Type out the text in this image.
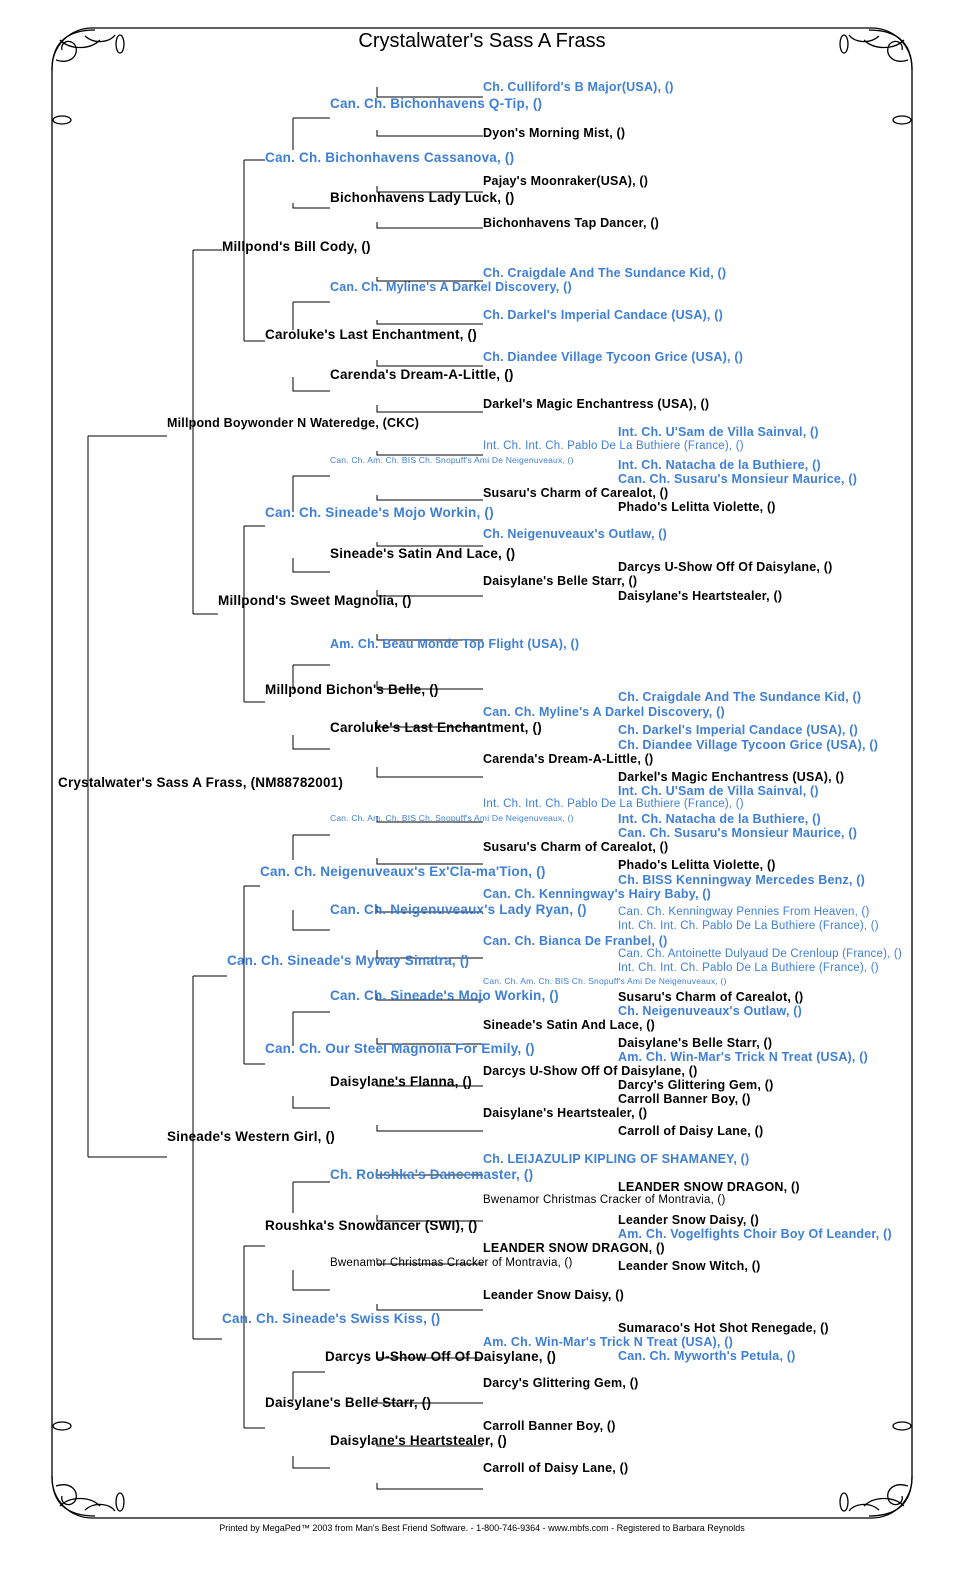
Crystalwater's Sass A Frass
Ch. Culliford's B Major(USA), ()
Can. Ch. Bichonhavens Q-Tip, ()
Dyon's Morning Mist, ()
Can. Ch. Bichonhavens Cassanova, ()
Pajay's Moonraker(USA), ()
Bichonhavens Lady Luck, ()
Bichonhavens Tap Dancer, ()
Millpond's Bill Cody, ()
Ch. Craigdale And The Sundance Kid, ()
Can. Ch. Myline's A Darkel Discovery, ()
Ch. Darkel's Imperial Candace (USA), ()
Caroluke's Last Enchantment, ()
Ch. Diandee Village Tycoon Grice (USA), ()
Carenda's Dream-A-Little, ()
Darkel's Magic Enchantress (USA), ()
Millpond Boywonder N Wateredge, (CKC)
Int. Ch. U'Sam de Villa Sainval, ()
Int. Ch. Int. Ch. Pablo De La Buthiere (France), ()
Can. Ch. Am. Ch. BIS Ch. Snopuff's Ami De Neigenuveaux, ()	Int. Ch. Natacha de la Buthiere, ()
Can. Ch. Susaru's Monsieur Maurice, ()
Susaru's Charm of Carealot, ()
Phado's Lelitta Violette, ()
Can. Ch. Sineade's Mojo Workin, ()
Ch. Neigenuveaux's Outlaw, ()
Sineade's Satin And Lace, ()
Darcys U-Show Off Of Daisylane, ()
Daisylane's Belle Starr, ()
Millpond's Sweet Magnolia, ()	Daisylane's Heartstealer, ()
Am. Ch. Beau Monde Top Flight (USA), ()
Millpond Bichon's Belle, ()	Ch. Craigdale And The Sundance Kid, ()
Can. Ch. Myline's A Darkel Discovery, ()
Caroluke's Last Enchantment, ()	Ch. Darkel's Imperial Candace (USA), ()
Ch. Diandee Village Tycoon Grice (USA), ()
Carenda's Dream-A-Little, ()
Crystalwater's Sass A Frass, (NM88782001)	Darkel's Magic Enchantress (USA), ()
Int. Ch. U'Sam de Villa Sainval, ()
Int. Ch. Int. Ch. Pablo De La Buthiere (France), ()
Can. Ch. Am. Ch. BIS Ch. Snopuff's Ami De Neigenuveaux, ()	Int. Ch. Natacha de la Buthiere, ()
Can. Ch. Susaru's Monsieur Maurice, ()
Susaru's Charm of Carealot, ()
Phado's Lelitta Violette, ()
Can. Ch. Neigenuveaux's Ex'Cla-ma'Tion, ()
Ch. BISS Kenningway Mercedes Benz, ()
Can. Ch. Kenningway's Hairy Baby, ()
Can. Ch. Neigenuveaux's Lady Ryan, ()	Can. Ch. Kenningway Pennies From Heaven, ()
Int. Ch. Int. Ch. Pablo De La Buthiere (France), ()
Can. Ch. Bianca De Franbel, ()
Can. Ch. Antoinette Dulyaud De Crenloup (France), ()
Can. Ch. Sineade's Myway Sinatra, ()	Int. Ch. Int. Ch. Pablo De La Buthiere (France), ()
Can. Ch. Am. Ch. BIS Ch. Snopuff's Ami De Neigenuveaux, ()
Can. Ch. Sineade's Mojo Workin, ()	Susaru's Charm of Carealot, ()
Ch. Neigenuveaux's Outlaw, ()
Sineade's Satin And Lace, ()
Daisylane's Belle Starr, ()
Can. Ch. Our Steel Magnolia For Emily, ()
Am. Ch. Win-Mar's Trick N Treat (USA), ()
Darcys U-Show Off Of Daisylane, ()
Daisylane's Flanna, ()	Darcy's Glittering Gem, ()
Carroll Banner Boy, ()
Daisylane's Heartstealer, ()
Sineade's Western Girl, ()	Carroll of Daisy Lane, ()
Ch. LEIJAZULIP KIPLING OF SHAMANEY, ()
Ch. Roushka's Dancemaster, ()
LEANDER SNOW DRAGON, ()
Bwenamor Christmas Cracker of Montravia, ()
Roushka's Snowdancer (SWI), ()	Leander Snow Daisy, ()
Am. Ch. Vogelfights Choir Boy Of Leander, ()
LEANDER SNOW DRAGON, ()
Bwenamor Christmas Cracker of Montravia, ()	Leander Snow Witch, ()
Leander Snow Daisy, ()
Can. Ch. Sineade's Swiss Kiss, ()
Sumaraco's Hot Shot Renegade, ()
Am. Ch. Win-Mar's Trick N Treat (USA), ()
Darcys U-Show Off Of Daisylane, ()	Can. Ch. Myworth's Petula, ()
Darcy's Glittering Gem, ()
Daisylane's Belle Starr, ()
Carroll Banner Boy, ()
Daisylane's Heartstealer, ()
Carroll of Daisy Lane, ()
Printed by MegaPed™ 2003 from Man's Best Friend Software. - 1-800-746-9364 - www.mbfs.com - Registered to Barbara Reynolds
